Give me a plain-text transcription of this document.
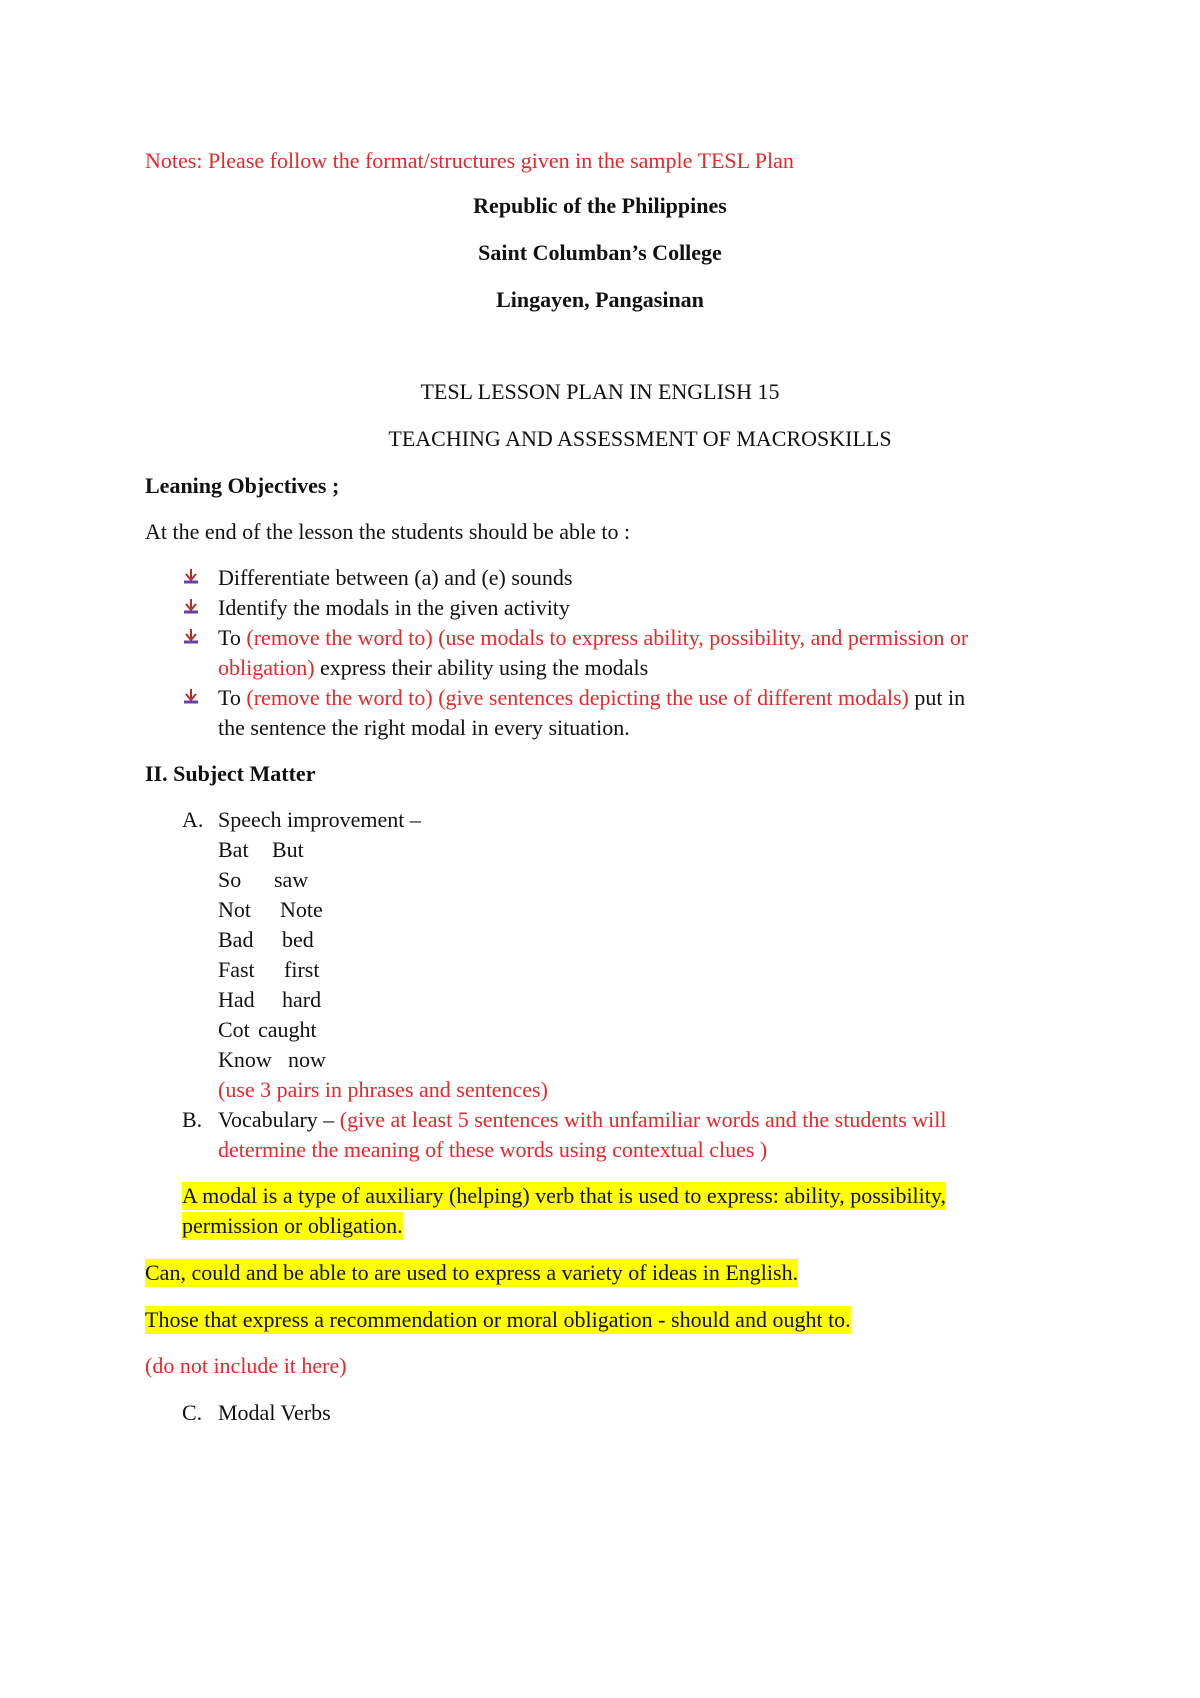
Notes: Please follow the format/structures given in the sample TESL Plan
Republic of the Philippines
Saint Columban’s College
Lingayen, Pangasinan
TESL LESSON PLAN IN ENGLISH 15
TEACHING AND ASSESSMENT OF MACROSKILLS
Leaning Objectives ;
At the end of the lesson the students should be able to :
Differentiate between (a) and (e) sounds
Identify the modals in the given activity
To (remove the word to) (use modals to express ability, possibility, and permission or
obligation) express their ability using the modals
To (remove the word to) (give sentences depicting the use of different modals) put in
the sentence the right modal in every situation.
II. Subject Matter
A. Speech improvement –
Bat But
So saw
Not Note
Bad bed
Fast first
Had hard
Cot caught
Know now
(use 3 pairs in phrases and sentences)
B. Vocabulary – (give at least 5 sentences with unfamiliar words and the students will
determine the meaning of these words using contextual clues )
A modal is a type of auxiliary (helping) verb that is used to express: ability, possibility,
permission or obligation.
Can, could and be able to are used to express a variety of ideas in English.
Those that express a recommendation or moral obligation - should and ought to.
(do not include it here)
C. Modal Verbs
